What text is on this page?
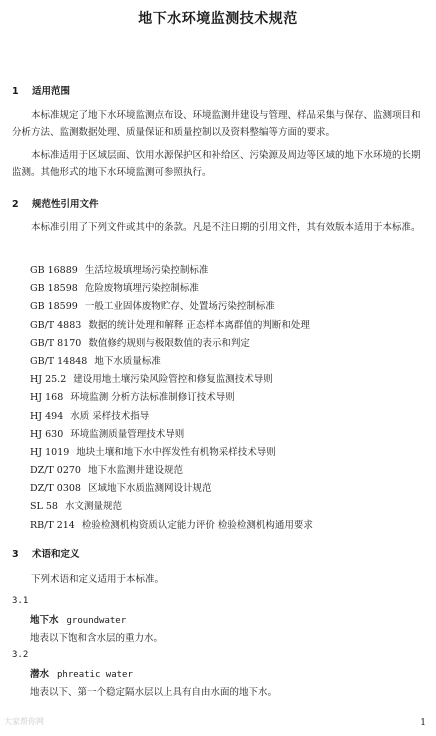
地下水环境监测技术规范
1 适用范围
本标准规定了地下水环境监测点布设、环境监测井建设与管理、样品采集与保存、监测项目和分析方法、监测数据处理、质量保证和质量控制以及资料整编等方面的要求。
本标准适用于区域层面、饮用水源保护区和补给区、污染源及周边等区域的地下水环境的长期监测。其他形式的地下水环境监测可参照执行。
2 规范性引用文件
本标准引用了下列文件或其中的条款。凡是不注日期的引用文件，其有效版本适用于本标准。
GB 16889 生活垃圾填埋场污染控制标准
GB 18598 危险废物填埋污染控制标准
GB 18599 一般工业固体废物贮存、处置场污染控制标准
GB/T 4883 数据的统计处理和解释 正态样本离群值的判断和处理
GB/T 8170 数值修约规则与极限数值的表示和判定
GB/T 14848 地下水质量标准
HJ 25.2 建设用地土壤污染风险管控和修复监测技术导则
HJ 168 环境监测 分析方法标准制修订技术导则
HJ 494 水质 采样技术指导
HJ 630 环境监测质量管理技术导则
HJ 1019 地块土壤和地下水中挥发性有机物采样技术导则
DZ/T 0270 地下水监测井建设规范
DZ/T 0308 区域地下水质监测网设计规范
SL 58 水文测量规范
RB/T 214 检验检测机构资质认定能力评价 检验检测机构通用要求
3 术语和定义
下列术语和定义适用于本标准。
3.1
地下水 groundwater
地表以下饱和含水层的重力水。
3.2
潜水 phreatic water
地表以下、第一个稳定隔水层以上具有自由水面的地下水。
大家帮你网	1
